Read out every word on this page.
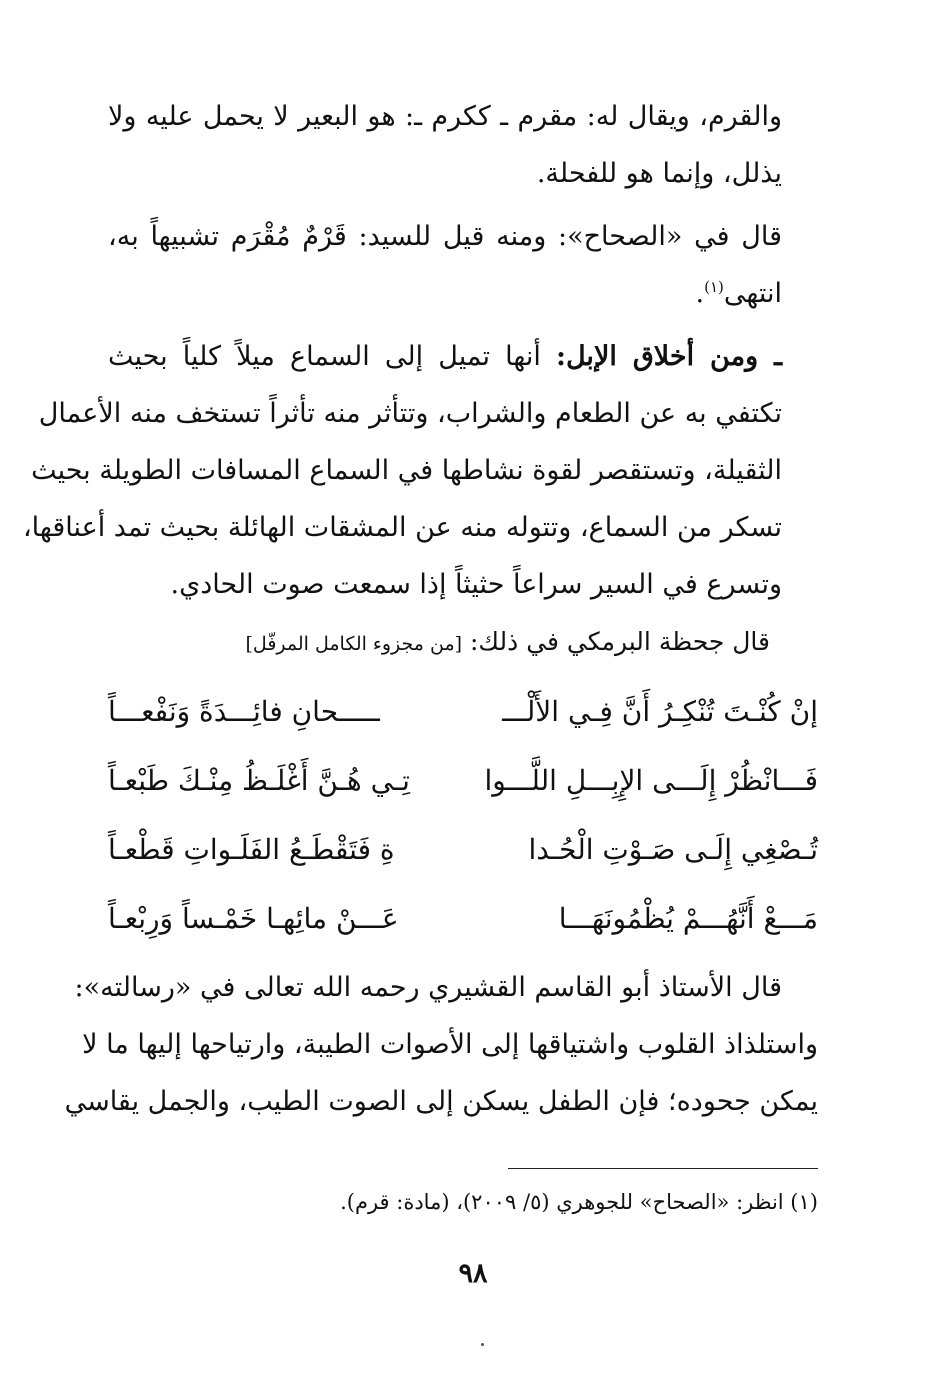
والقرم، ويقال له: مقرم ـ ككرم ـ: هو البعير لا يحمل عليه ولا
يذلل، وإنما هو للفحلة.
قال في «الصحاح»: ومنه قيل للسيد: قَرْمٌ مُقْرَم تشبيهاً به،
انتهى$^{(١)}$.
ـ ومن أخلاق الإبل: أنها تميل إلى السماع ميلاً كلياً بحيث
تكتفي به عن الطعام والشراب، وتتأثر منه تأثراً تستخف منه الأعمال
الثقيلة، وتستقصر لقوة نشاطها في السماع المسافات الطويلة بحيث
تسكر من السماع، وتتوله منه عن المشقات الهائلة بحيث تمد أعناقها،
وتسرع في السير سراعاً حثيثاً إذا سمعت صوت الحادي.
قال جحظة البرمكي في ذلك: [من مجزوء الكامل المرفّل]
إنْ كُنْـتَ تُنْكِـرُ أَنَّ فِـي الأَلْـــ
ـــــحانِ فائِـــدَةً وَنَفْعـــاً
فَـــانْظُرْ إِلَـــى الإِبِـــلِ اللَّـــوا
تِـي هُـنَّ أَغْلَـظُ مِنْـكَ طَبْعـاً
تُـصْغِي إِلَـى صَـوْتِ الْحُـدا
ةِ فَتَقْطَـعُ الفَلَـواتِ قَطْعـاً
مَـــعْ أَنَّهُـــمْ يُظْمُونَهَـــا
عَـــنْ مائِهـا خَمْـساً وَرِبْعـاً
قال الأستاذ أبو القاسم القشيري رحمه الله تعالى في «رسالته»:
واستلذاذ القلوب واشتياقها إلى الأصوات الطيبة، وارتياحها إليها ما لا
يمكن جحوده؛ فإن الطفل يسكن إلى الصوت الطيب، والجمل يقاسي
(١) انظر: «الصحاح» للجوهري (٥/ ٢٠٠٩)، (مادة: قرم).
٩٨
